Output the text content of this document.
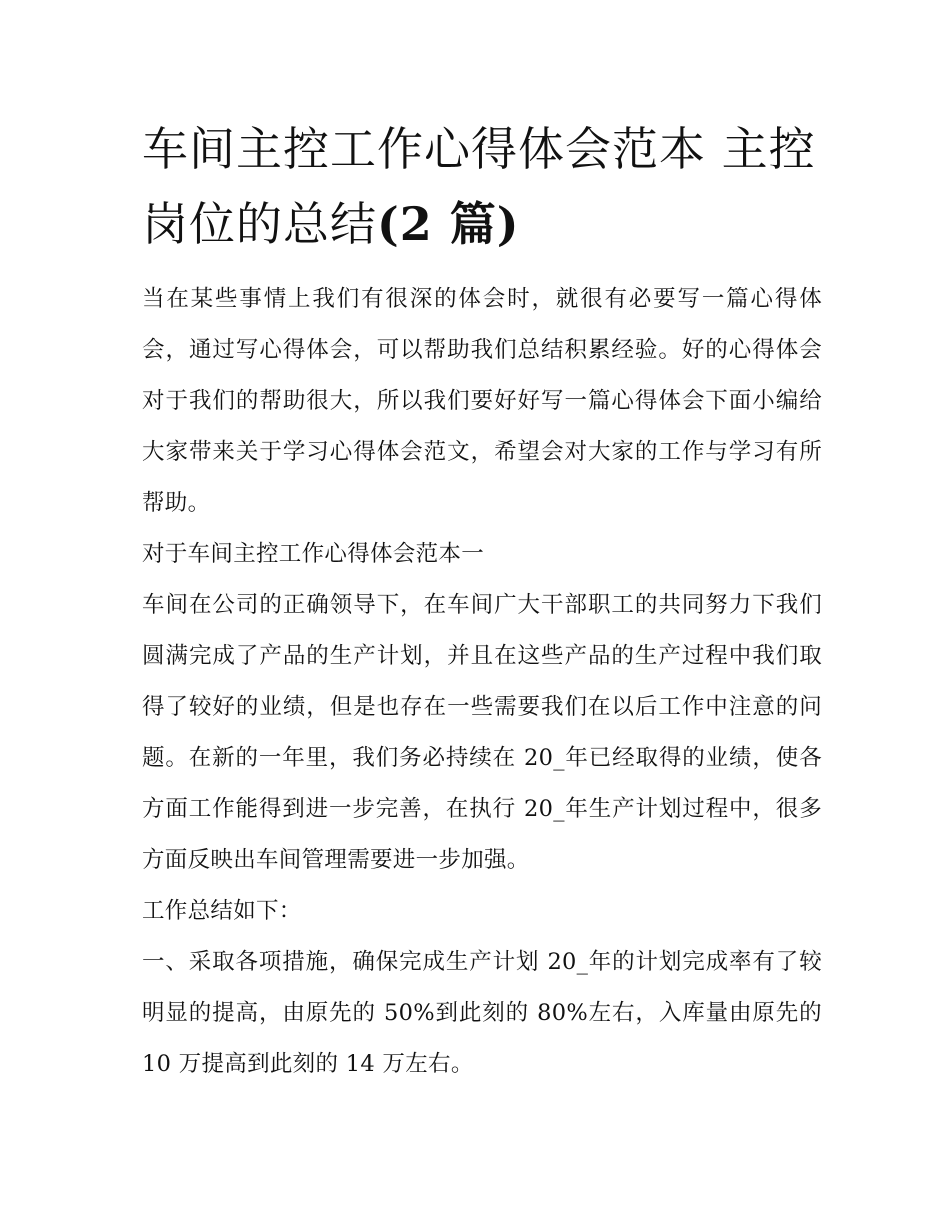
车间主控工作心得体会范本 主控岗位的总结(2 篇)

当在某些事情上我们有很深的体会时，就很有必要写一篇心得体会，通过写心得体会，可以帮助我们总结积累经验。好的心得体会对于我们的帮助很大，所以我们要好好写一篇心得体会下面小编给大家带来关于学习心得体会范文，希望会对大家的工作与学习有所帮助。

对于车间主控工作心得体会范本一

车间在公司的正确领导下，在车间广大干部职工的共同努力下我们圆满完成了产品的生产计划，并且在这些产品的生产过程中我们取得了较好的业绩，但是也存在一些需要我们在以后工作中注意的问题。在新的一年里，我们务必持续在 20_年已经取得的业绩，使各方面工作能得到进一步完善，在执行 20_年生产计划过程中，很多方面反映出车间管理需要进一步加强。

工作总结如下：

一、采取各项措施，确保完成生产计划 20_年的计划完成率有了较明显的提高，由原先的 50%到此刻的 80%左右，入库量由原先的 10 万提高到此刻的 14 万左右。
